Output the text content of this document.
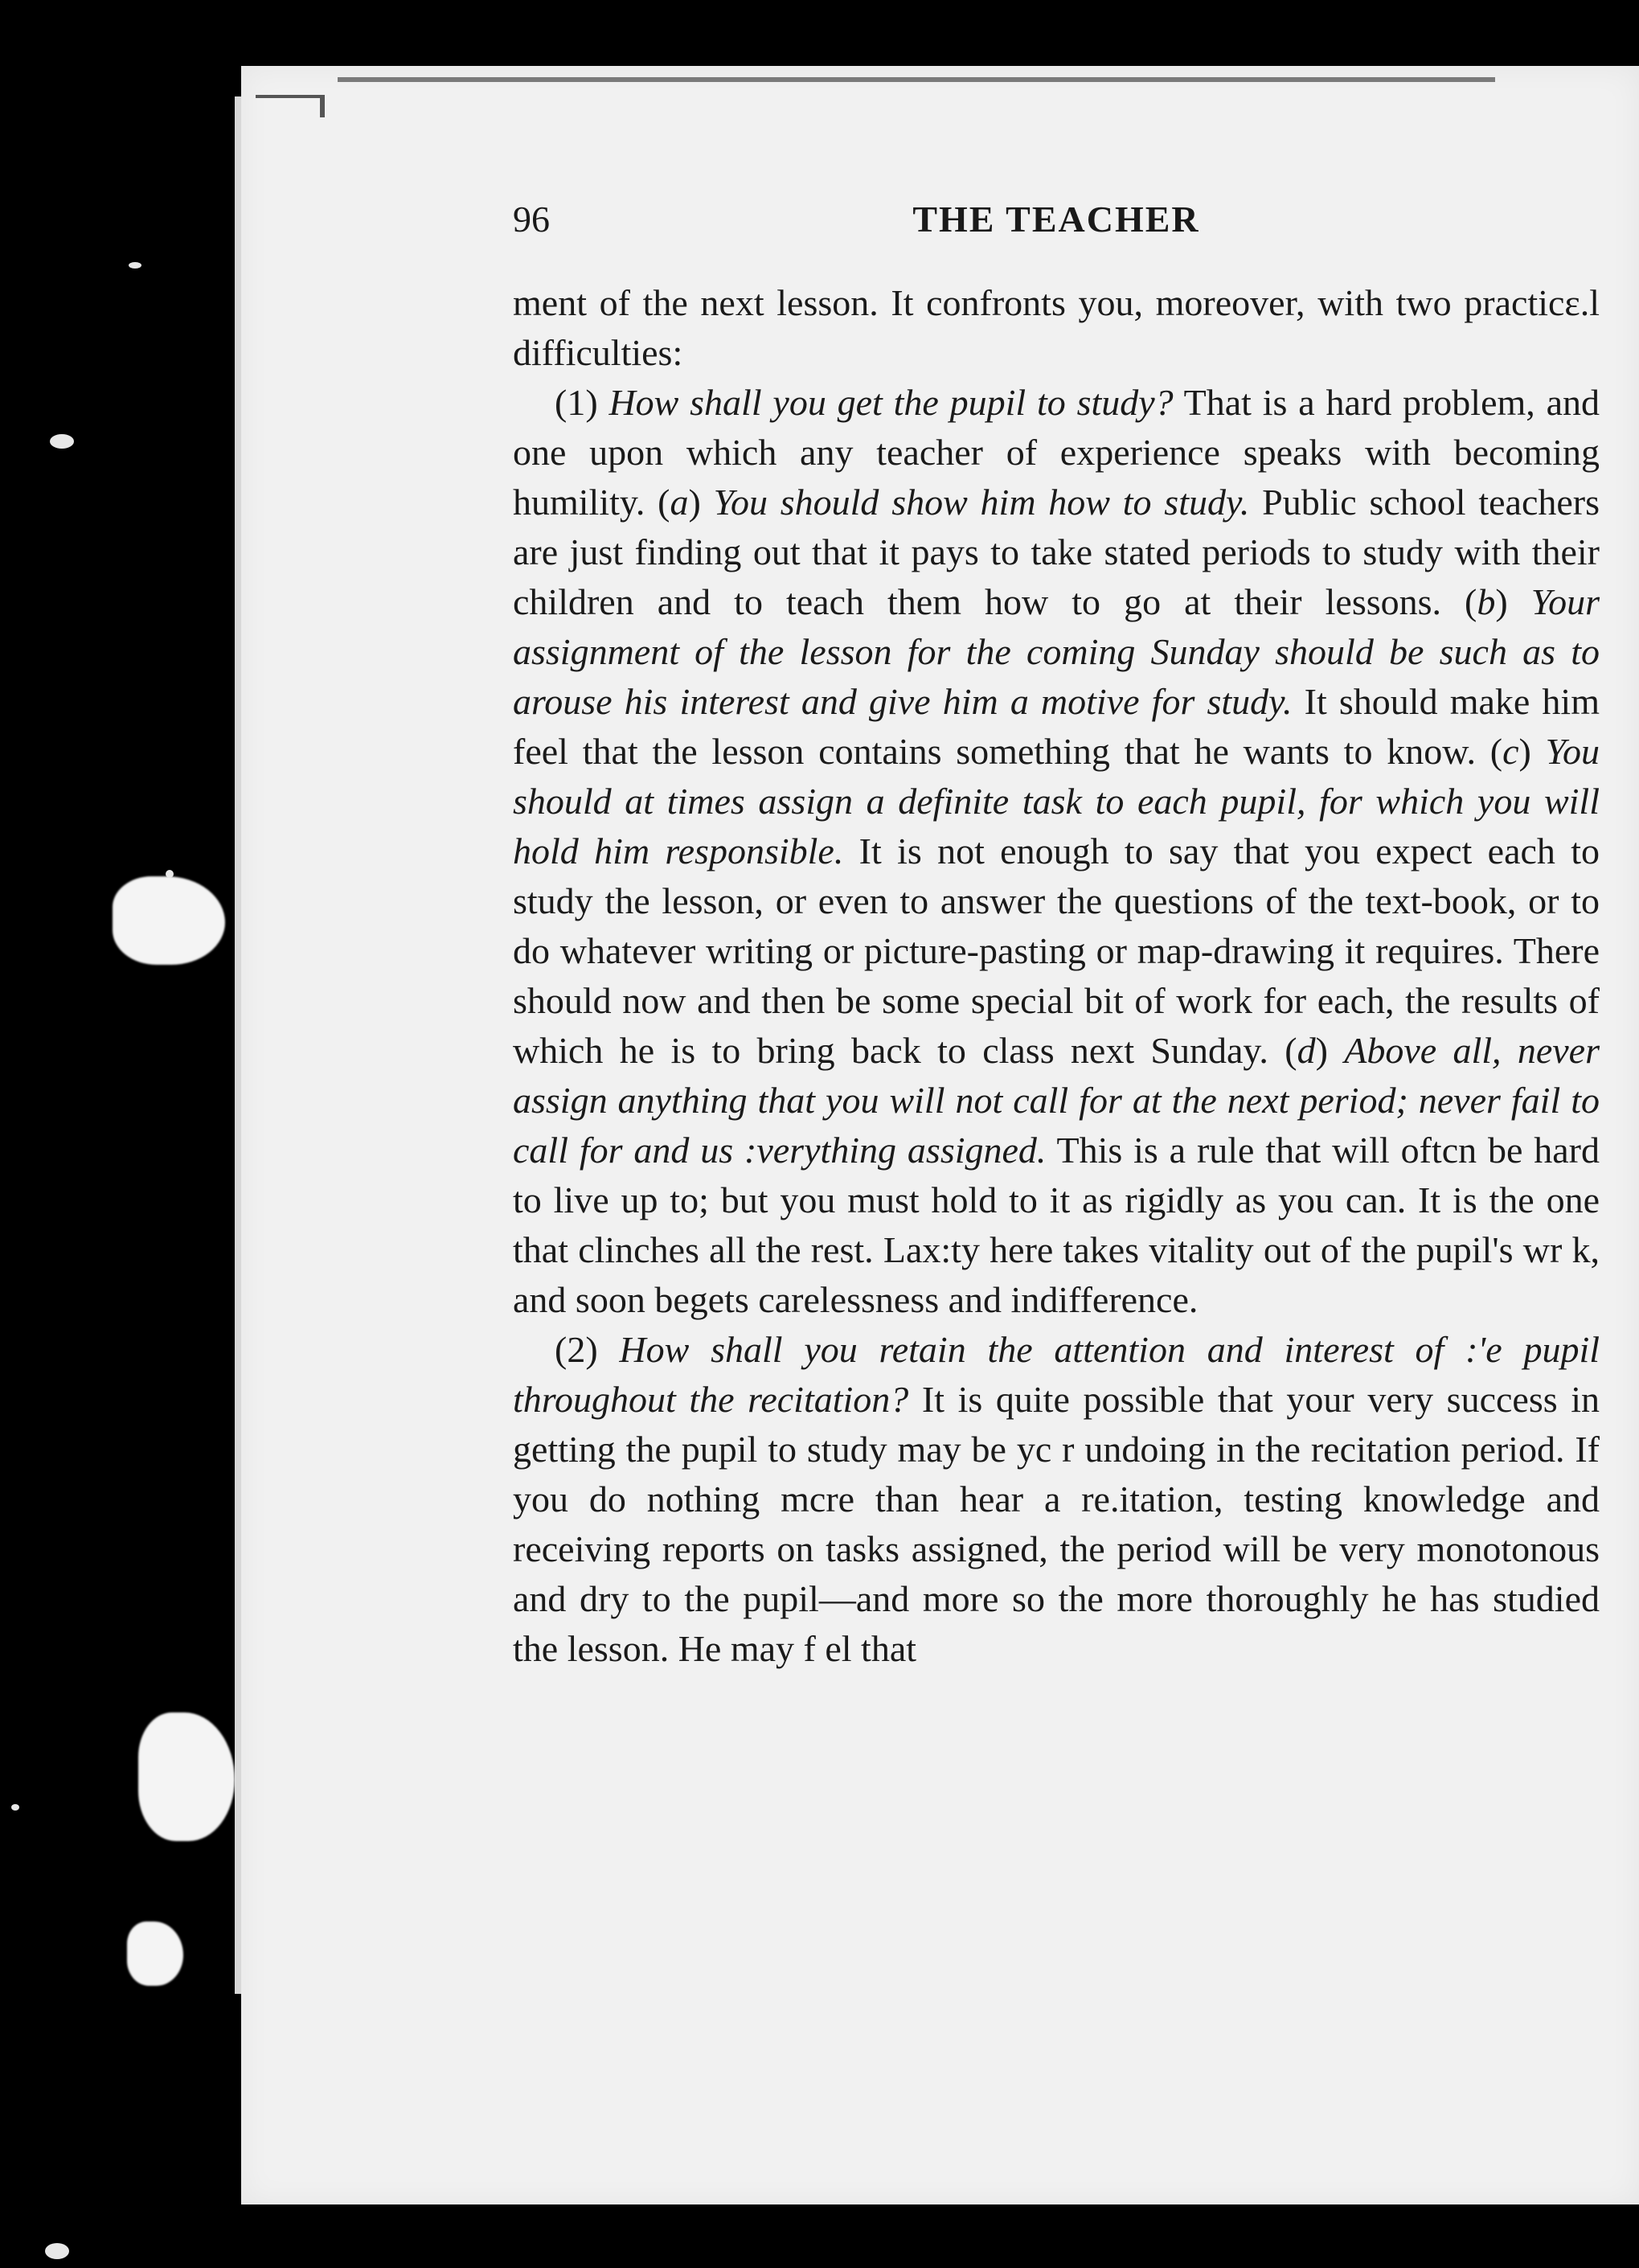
96	THE TEACHER

ment of the next lesson. It confronts you, moreover, with two practicε.l difficulties:

(1) How shall you get the pupil to study? That is a hard problem, and one upon which any teacher of experience speaks with becoming humility. (a) You should show him how to study. Public school teachers are just finding out that it pays to take stated periods to study with their children and to teach them how to go at their lessons. (b) Your assignment of the lesson for the coming Sunday should be such as to arouse his interest and give him a motive for study. It should make him feel that the lesson contains something that he wants to know. (c) You should at times assign a definite task to each pupil, for which you will hold him responsible. It is not enough to say that you expect each to study the lesson, or even to answer the questions of the text-book, or to do whatever writing or picture-pasting or map-drawing it requires. There should now and then be some special bit of work for each, the results of which he is to bring back to class next Sunday. (d) Above all, never assign anything that you will not call for at the next period; never fail to call for and us :verything assigned. This is a rule that will oftcn be hard to live up to; but you must hold to it as rigidly as you can. It is the one that clinches all the rest. Lax:ty here takes vitality out of the pupil's wr k, and soon begets carelessness and indifference.

(2) How shall you retain the attention and interest of :'e pupil throughout the recitation? It is quite possible that your very success in getting the pupil to study may be yc r undoing in the recitation period. If you do nothing mcre than hear a re.itation, testing knowledge and receiving reports on tasks assigned, the period will be very monotonous and dry to the pupil—and more so the more thoroughly he has studied the lesson. He may f el that
